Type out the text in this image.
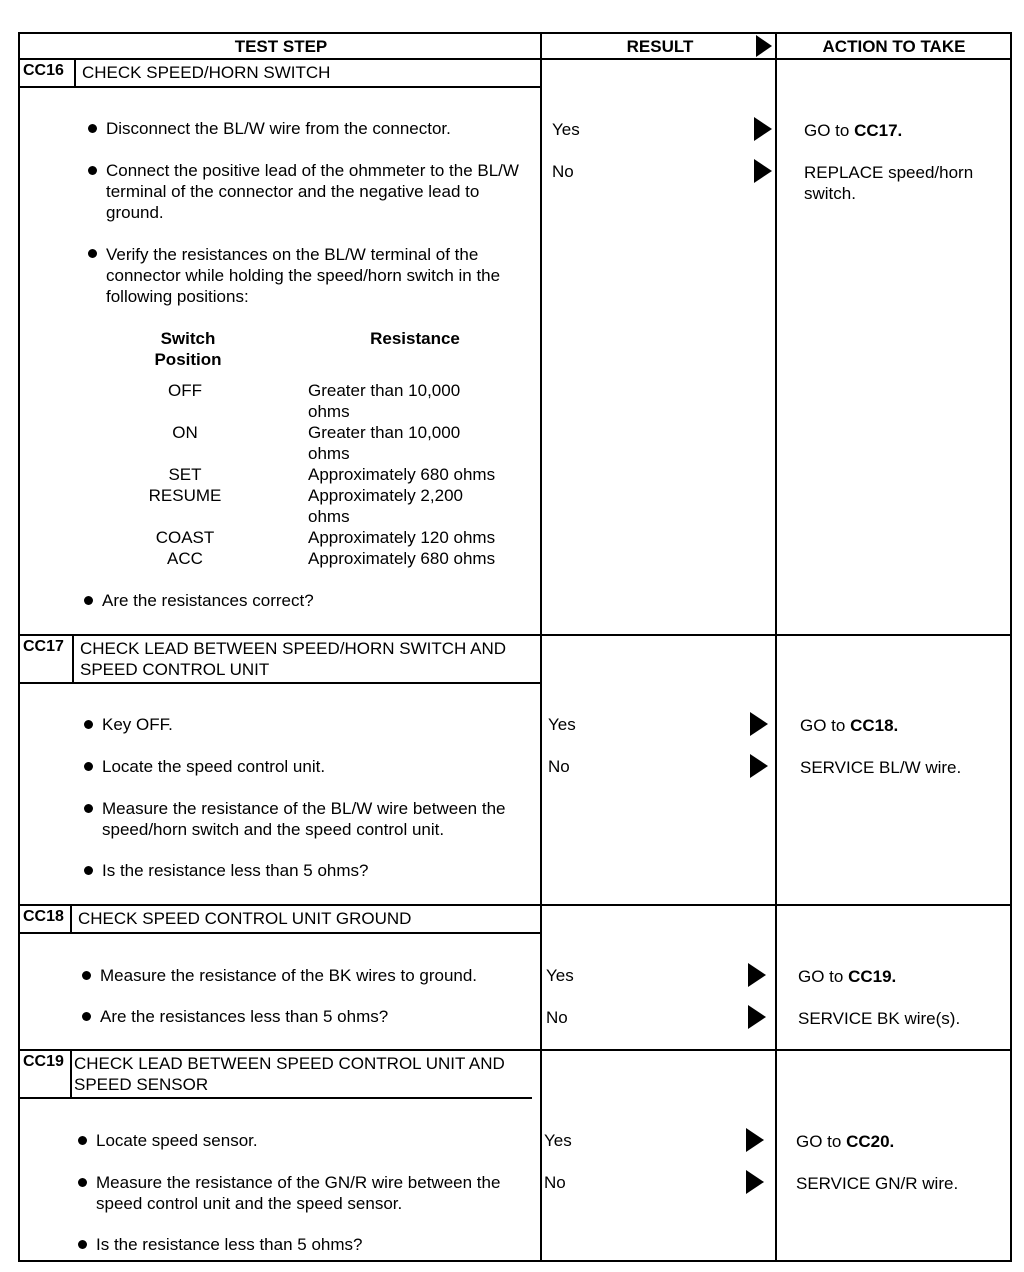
TEST STEP	RESULT	ACTION TO TAKE
CC16	CHECK SPEED/HORN SWITCH
Disconnect the BL/W wire from the connector.
Connect the positive lead of the ohmmeter to the BL/W terminal of the connector and the negative lead to ground.
Verify the resistances on the BL/W terminal of the connector while holding the speed/horn switch in the following positions:
Switch Position
Resistance
OFF	Greater than 10,000 ohms
ON	Greater than 10,000 ohms
SET	Approximately 680 ohms
RESUME	Approximately 2,200 ohms
COAST	Approximately 120 ohms
ACC	Approximately 680 ohms
Are the resistances correct?
Yes	GO to CC17.
No	REPLACE speed/horn switch.
CC17 CHECK LEAD BETWEEN SPEED/HORN SWITCH AND SPEED CONTROL UNIT
Key OFF.
Locate the speed control unit.
Measure the resistance of the BL/W wire between the speed/horn switch and the speed control unit.
Is the resistance less than 5 ohms?
Yes	GO to CC18.
No	SERVICE BL/W wire.
CC18 CHECK SPEED CONTROL UNIT GROUND
Measure the resistance of the BK wires to ground.
Are the resistances less than 5 ohms?
Yes	GO to CC19.
No	SERVICE BK wire(s).
CC19 CHECK LEAD BETWEEN SPEED CONTROL UNIT AND SPEED SENSOR
Locate speed sensor.
Measure the resistance of the GN/R wire between the speed control unit and the speed sensor.
Is the resistance less than 5 ohms?
Yes	GO to CC20.
No	SERVICE GN/R wire.
